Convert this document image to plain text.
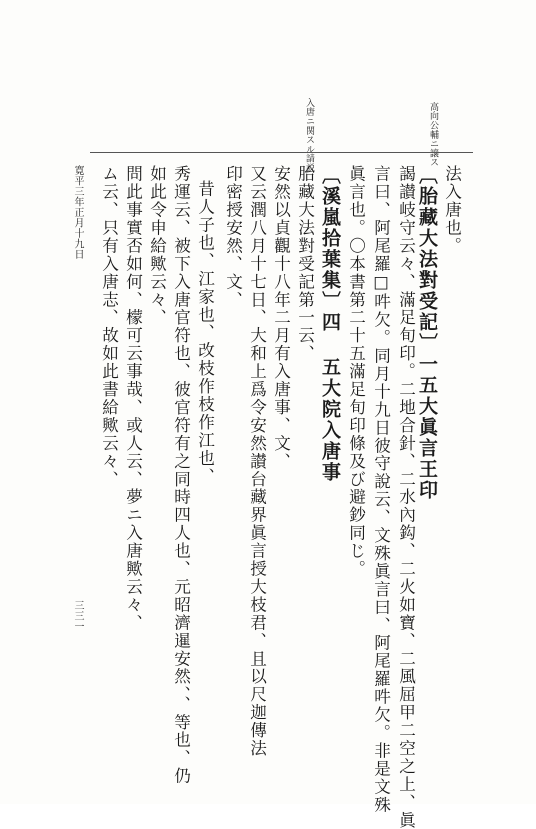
高向公輔ニ譲ス
入唐ニ関スル請説
法入唐也。
〔胎藏大法對受記〕一五大眞言王印
謁讃岐守云々、滿足旬印。二地合針、二水內鈎、二火如寶、二風屈甲二空之上、眞
言曰、阿尾羅□吽欠。同月十九日彼守說云、文殊眞言曰、阿尾羅吽欠。非是文殊
眞言也。〇本書第二十五滿足旬印條及び避鈔同じ。
〔溪嵐拾葉集〕四 五大院入唐事
胎藏大法對受記第一云、
安然以貞觀十八年二月有入唐事、文、
又云潤八月十七日、大和上爲令安然讃台藏界眞言授大枝君、且以尺迦傳法
印密授安然、文、
昔人子也、江家也、改枝作枝作江也、
秀運云、被下入唐官符也、彼官符有之同時四人也、元昭濟暹安然、、等也、仍
如此令申給歟云々、
問此事實否如何、檬可云事哉、或人云、夢ニ入唐歟云々、
ム云、只有入唐志、故如此書給歟云々、
寛平三年正月十九日
三三一
